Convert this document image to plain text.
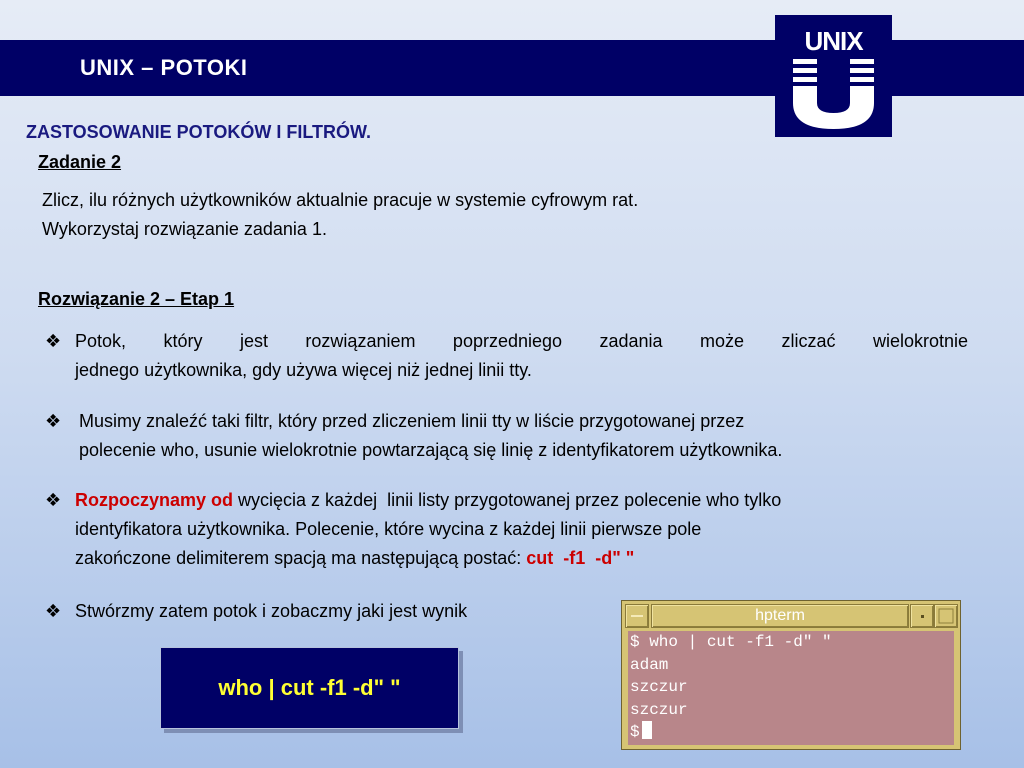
UNIX – POTOKI
UNIX
ZASTOSOWANIE POTOKÓW I FILTRÓW.
Zadanie 2
Zlicz, ilu różnych użytkowników aktualnie pracuje w systemie cyfrowym rat.
Wykorzystaj rozwiązanie zadania 1.
Rozwiązanie 2 – Etap 1
❖ Potok, który jest rozwiązaniem poprzedniego zadania może zliczać wielokrotnie
jednego użytkownika, gdy używa więcej niż jednej linii tty.
❖ Musimy znaleźć taki filtr, który przed zliczeniem linii tty w liście przygotowanej przez
polecenie who, usunie wielokrotnie powtarzającą się linię z identyfikatorem użytkownika.
❖ Rozpoczynamy od wycięcia z każdej  linii listy przygotowanej przez polecenie who tylko
identyfikatora użytkownika. Polecenie, które wycina z każdej linii pierwsze pole
zakończone delimiterem spacją ma następującą postać: cut  -f1  -d" "
❖ Stwórzmy zatem potok i zobaczmy jaki jest wynik
who | cut -f1 -d" "
hpterm
$ who | cut -f1 -d" "
adam
szczur
szczur
$
